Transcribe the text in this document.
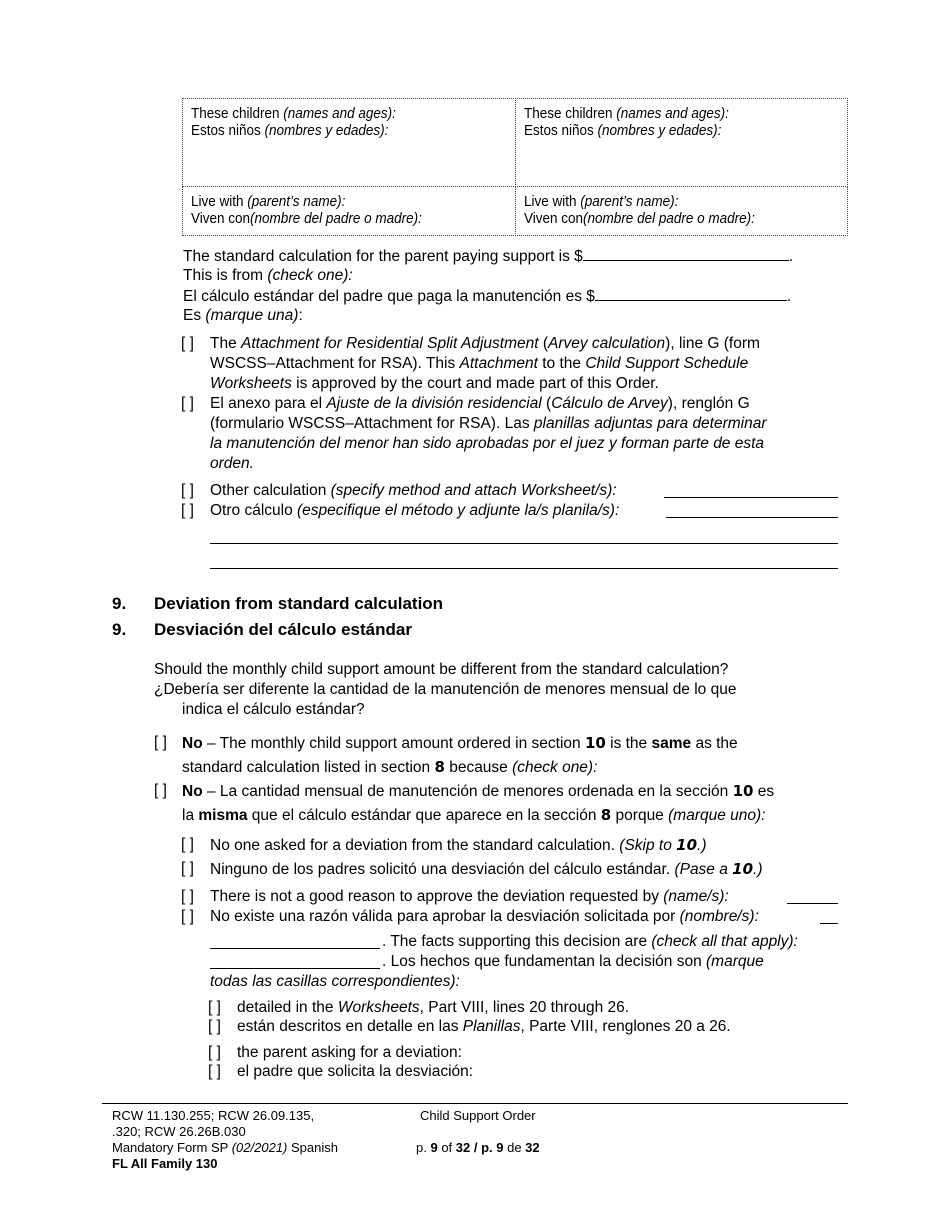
These children (names and ages):
Estos niños (nombres y edades):
These children (names and ages):
Estos niños (nombres y edades):
Live with (parent’s name):
Viven con(nombre del padre o madre):
Live with (parent’s name):
Viven con(nombre del padre o madre):
The standard calculation for the parent paying support is $	.
This is from (check one):
El cálculo estándar del padre que paga la manutención es $	.
Es (marque una):
[ ] The Attachment for Residential Split Adjustment (Arvey calculation), line G (form
WSCSS–Attachment for RSA). This Attachment to the Child Support Schedule
Worksheets is approved by the court and made part of this Order.
[ ] El anexo para el Ajuste de la división residencial (Cálculo de Arvey), renglón G
(formulario WSCSS–Attachment for RSA). Las planillas adjuntas para determinar
la manutención del menor han sido aprobadas por el juez y forman parte de esta
orden.
[ ] Other calculation (specify method and attach Worksheet/s):
[ ] Otro cálculo (especifique el método y adjunte la/s planila/s):
9. Deviation from standard calculation
9. Desviación del cálculo estándar
Should the monthly child support amount be different from the standard calculation?
¿Debería ser diferente la cantidad de la manutención de menores mensual de lo que
indica el cálculo estándar?
[ ] No – The monthly child support amount ordered in section 10 is the same as the
standard calculation listed in section 8 because (check one):
[ ] No – La cantidad mensual de manutención de menores ordenada en la sección 10 es
la misma que el cálculo estándar que aparece en la sección 8 porque (marque uno):
[ ] No one asked for a deviation from the standard calculation. (Skip to 10.)
[ ] Ninguno de los padres solicitó una desviación del cálculo estándar. (Pase a 10.)
[ ] There is not a good reason to approve the deviation requested by (name/s):
[ ] No existe una razón válida para aprobar la desviación solicitada por (nombre/s):
. The facts supporting this decision are (check all that apply):
. Los hechos que fundamentan la decisión son (marque
todas las casillas correspondientes):
[ ] detailed in the Worksheets, Part VIII, lines 20 through 26.
[ ] están descritos en detalle en las Planillas, Parte VIII, renglones 20 a 26.
[ ] the parent asking for a deviation:
[ ] el padre que solicita la desviación:
RCW 11.130.255; RCW 26.09.135,
.320; RCW 26.26B.030
Mandatory Form SP (02/2021) Spanish
FL All Family 130
Child Support Order
p. 9 of 32 / p. 9 de 32
